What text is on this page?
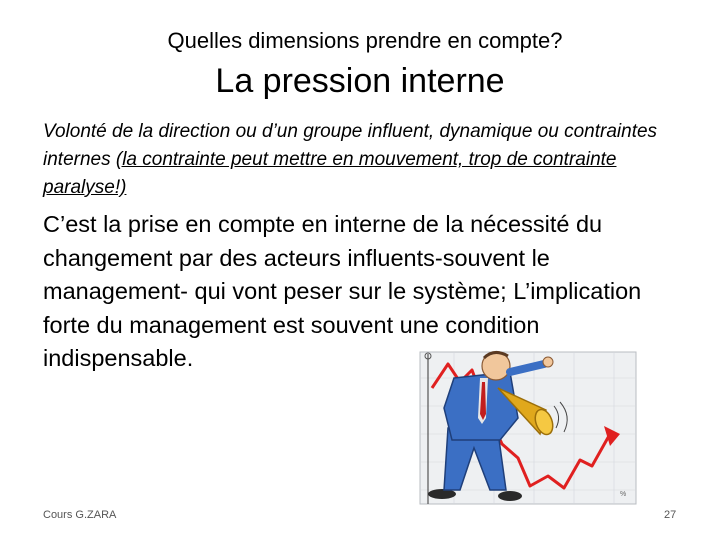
Quelles dimensions prendre en compte?
La pression interne
Volonté de la direction ou d’un groupe influent, dynamique ou contraintes internes (la contrainte peut mettre en mouvement, trop de contrainte paralyse!)
C’est la prise en compte en interne de la nécessité du changement par des acteurs influents-souvent le management- qui vont peser sur le système; L’implication forte du management est souvent une condition indispensable.
%
Cours G.ZARA	27
